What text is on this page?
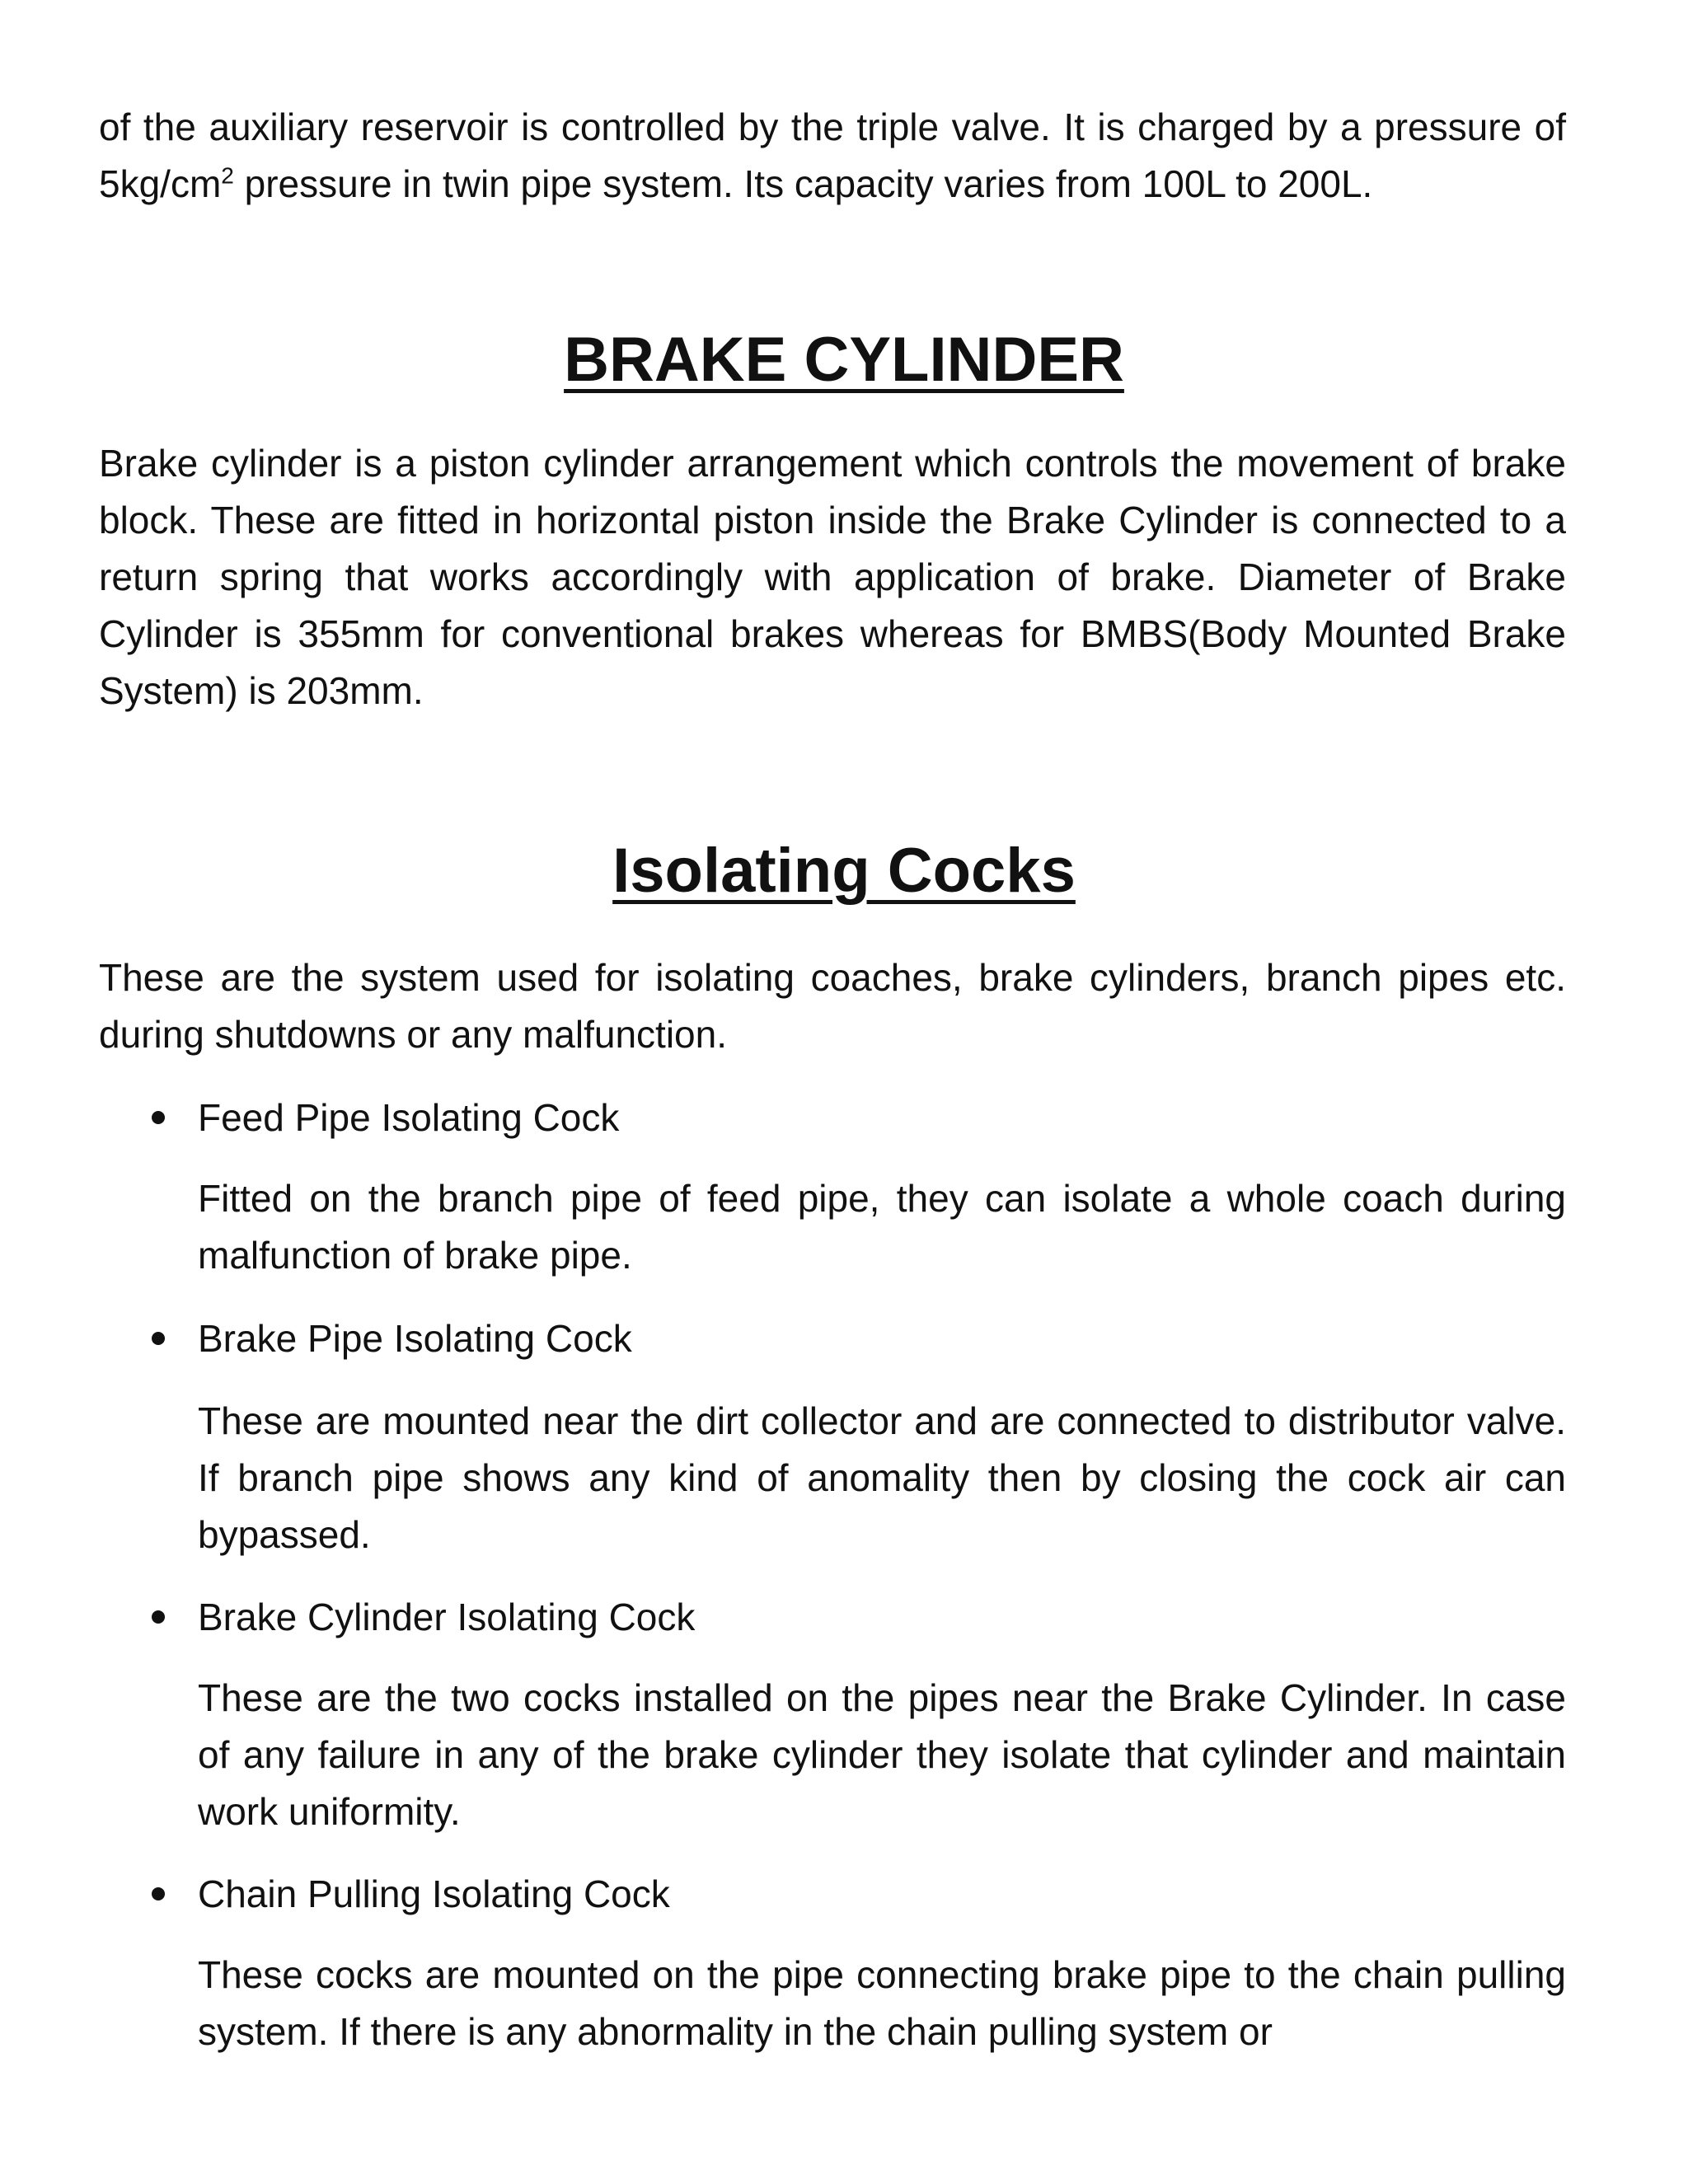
of the auxiliary reservoir is controlled by the triple valve. It is charged by a pressure of $5kg/cm^2$ pressure in twin pipe system. Its capacity varies from 100L to 200L.

BRAKE CYLINDER

Brake cylinder is a piston cylinder arrangement which controls the movement of brake block. These are fitted in horizontal piston inside the Brake Cylinder is connected to a return spring that works accordingly with application of brake. Diameter of Brake Cylinder is 355mm for conventional brakes whereas for BMBS(Body Mounted Brake System) is 203mm.

Isolating Cocks

These are the system used for isolating coaches, brake cylinders, branch pipes etc. during shutdowns or any malfunction.

Feed Pipe Isolating Cock

Fitted on the branch pipe of feed pipe, they can isolate a whole coach during malfunction of brake pipe.

Brake Pipe Isolating Cock

These are mounted near the dirt collector and are connected to distributor valve. If branch pipe shows any kind of anomality then by closing the cock air can bypassed.

Brake Cylinder Isolating Cock

These are the two cocks installed on the pipes near the Brake Cylinder. In case of any failure in any of the brake cylinder they isolate that cylinder and maintain work uniformity.

Chain Pulling Isolating Cock

These cocks are mounted on the pipe connecting brake pipe to the chain pulling system. If there is any abnormality in the chain pulling system or
